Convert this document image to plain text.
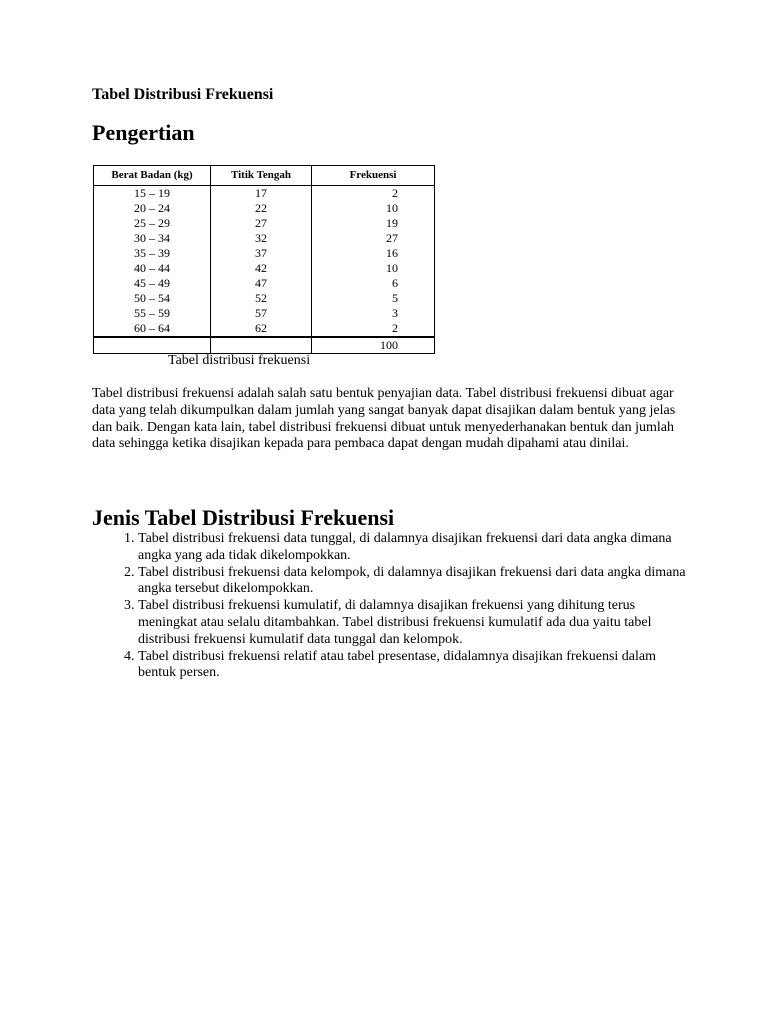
Tabel Distribusi Frekuensi
Pengertian
Berat Badan (kg)	Titik Tengah	Frekuensi
15 – 19	17	2
20 – 24	22	10
25 – 29	27	19
30 – 34	32	27
35 – 39	37	16
40 – 44	42	10
45 – 49	47	6
50 – 54	52	5
55 – 59	57	3
60 – 64	62	2
		100
Tabel distribusi frekuensi

Tabel distribusi frekuensi adalah salah satu bentuk penyajian data. Tabel distribusi frekuensi dibuat agar data yang telah dikumpulkan dalam jumlah yang sangat banyak dapat disajikan dalam bentuk yang jelas dan baik. Dengan kata lain, tabel distribusi frekuensi dibuat untuk menyederhanakan bentuk dan jumlah data sehingga ketika disajikan kepada para pembaca dapat dengan mudah dipahami atau dinilai.

Jenis Tabel Distribusi Frekuensi
1. Tabel distribusi frekuensi data tunggal, di dalamnya disajikan frekuensi dari data angka dimana angka yang ada tidak dikelompokkan.
2. Tabel distribusi frekuensi data kelompok, di dalamnya disajikan frekuensi dari data angka dimana angka tersebut dikelompokkan.
3. Tabel distribusi frekuensi kumulatif, di dalamnya disajikan frekuensi yang dihitung terus meningkat atau selalu ditambahkan. Tabel distribusi frekuensi kumulatif ada dua yaitu tabel distribusi frekuensi kumulatif data tunggal dan kelompok.
4. Tabel distribusi frekuensi relatif atau tabel presentase, didalamnya disajikan frekuensi dalam bentuk persen.
